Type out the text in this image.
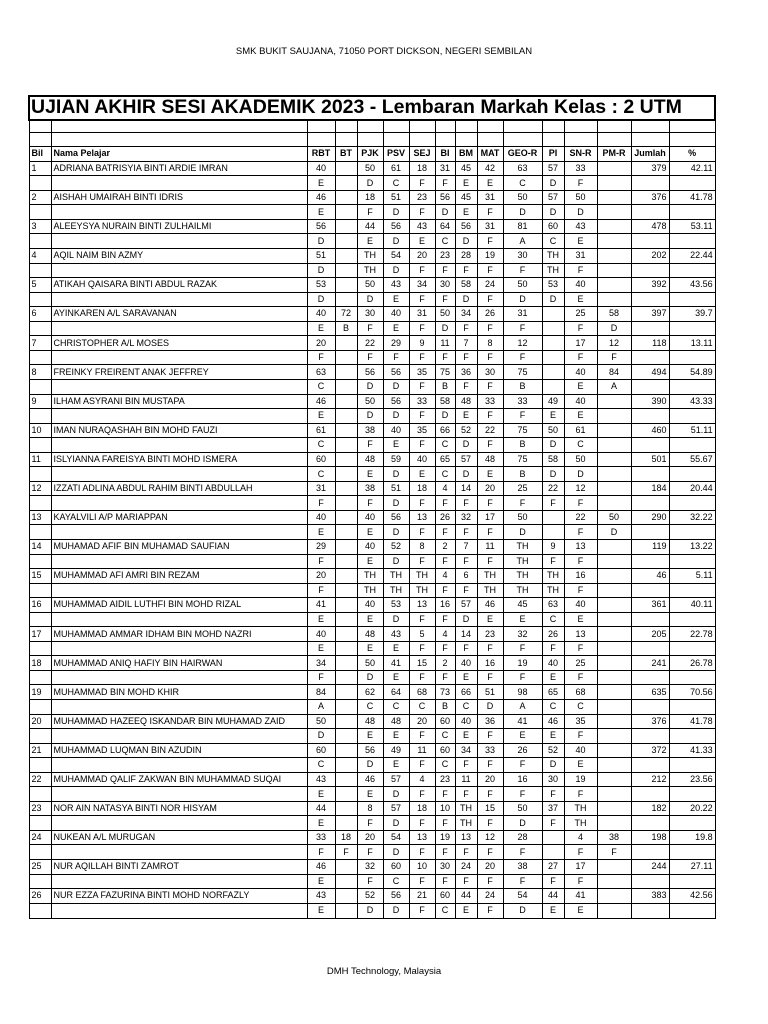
SMK BUKIT SAUJANA, 71050 PORT DICKSON, NEGERI SEMBILAN
UJIAN AKHIR SESI AKADEMIK 2023 - Lembaran Markah Kelas : 2 UTM															

Bil	Nama Pelajar	RBT	BT	PJK	PSV	SEJ	BI	BM	MAT	GEO-R	PI	SN-R	PM-R	Jumlah	%
1	ADRIANA BATRISYIA BINTI ARDIE IMRAN	40		50	61	18	31	45	42	63	57	33		379	42.11
		E		D	C	F	F	E	E	C	D	F			
2	AISHAH UMAIRAH BINTI IDRIS	46		18	51	23	56	45	31	50	57	50		376	41.78
		E		F	D	F	D	E	F	D	D	D			
3	ALEEYSYA NURAIN BINTI ZULHAILMI	56		44	56	43	64	56	31	81	60	43		478	53.11
		D		E	D	E	C	D	F	A	C	E			
4	AQIL NAIM BIN AZMY	51		TH	54	20	23	28	19	30	TH	31		202	22.44
		D		TH	D	F	F	F	F	F	TH	F			
5	ATIKAH QAISARA BINTI ABDUL RAZAK	53		50	43	34	30	58	24	50	53	40		392	43.56
		D		D	E	F	F	D	F	D	D	E			
6	AYINKAREN A/L SARAVANAN	40	72	30	40	31	50	34	26	31		25	58	397	39.7
		E	B	F	E	F	D	F	F	F		F	D		
7	CHRISTOPHER A/L MOSES	20		22	29	9	11	7	8	12		17	12	118	13.11
		F		F	F	F	F	F	F	F		F	F		
8	FREINKY FREIRENT ANAK JEFFREY	63		56	56	35	75	36	30	75		40	84	494	54.89
		C		D	D	F	B	F	F	B		E	A		
9	ILHAM ASYRANI BIN MUSTAPA	46		50	56	33	58	48	33	33	49	40		390	43.33
		E		D	D	F	D	E	F	F	E	E			
10	IMAN NURAQASHAH BIN MOHD FAUZI	61		38	40	35	66	52	22	75	50	61		460	51.11
		C		F	E	F	C	D	F	B	D	C			
11	ISLYIANNA FAREISYA BINTI MOHD ISMERA	60		48	59	40	65	57	48	75	58	50		501	55.67
		C		E	D	E	C	D	E	B	D	D			
12	IZZATI ADLINA ABDUL RAHIM BINTI ABDULLAH	31		38	51	18	4	14	20	25	22	12		184	20.44
		F		F	D	F	F	F	F	F	F	F			
13	KAYALVILI A/P MARIAPPAN	40		40	56	13	26	32	17	50		22	50	290	32.22
		E		E	D	F	F	F	F	D		F	D		
14	MUHAMAD AFIF BIN MUHAMAD SAUFIAN	29		40	52	8	2	7	11	TH	9	13		119	13.22
		F		E	D	F	F	F	F	TH	F	F			
15	MUHAMMAD AFI AMRI BIN REZAM	20		TH	TH	TH	4	6	TH	TH	TH	16		46	5.11
		F		TH	TH	TH	F	F	TH	TH	TH	F			
16	MUHAMMAD AIDIL LUTHFI BIN MOHD RIZAL	41		40	53	13	16	57	46	45	63	40		361	40.11
		E		E	D	F	F	D	E	E	C	E			
17	MUHAMMAD AMMAR IDHAM BIN MOHD NAZRI	40		48	43	5	4	14	23	32	26	13		205	22.78
		E		E	E	F	F	F	F	F	F	F			
18	MUHAMMAD ANIQ HAFIY BIN HAIRWAN	34		50	41	15	2	40	16	19	40	25		241	26.78
		F		D	E	F	F	E	F	F	E	F			
19	MUHAMMAD BIN MOHD KHIR	84		62	64	68	73	66	51	98	65	68		635	70.56
		A		C	C	C	B	C	D	A	C	C			
20	MUHAMMAD HAZEEQ ISKANDAR BIN MUHAMAD ZAID	50		48	48	20	60	40	36	41	46	35		376	41.78
		D		E	E	F	C	E	F	E	E	F			
21	MUHAMMAD LUQMAN BIN AZUDIN	60		56	49	11	60	34	33	26	52	40		372	41.33
		C		D	E	F	C	F	F	F	D	E			
22	MUHAMMAD QALIF ZAKWAN BIN MUHAMMAD SUQAI	43		46	57	4	23	11	20	16	30	19		212	23.56
		E		E	D	F	F	F	F	F	F	F			
23	NOR AIN NATASYA BINTI NOR HISYAM	44		8	57	18	10	TH	15	50	37	TH		182	20.22
		E		F	D	F	F	TH	F	D	F	TH			
24	NUKEAN A/L MURUGAN	33	18	20	54	13	19	13	12	28		4	38	198	19.8
		F	F	F	D	F	F	F	F	F		F	F		
25	NUR AQILLAH BINTI ZAMROT	46		32	60	10	30	24	20	38	27	17		244	27.11
		E		F	C	F	F	F	F	F	F	F			
26	NUR EZZA FAZURINA BINTI MOHD NORFAZLY	43		52	56	21	60	44	24	54	44	41		383	42.56
		E		D	D	F	C	E	F	D	E	E			
DMH Technology, Malaysia
